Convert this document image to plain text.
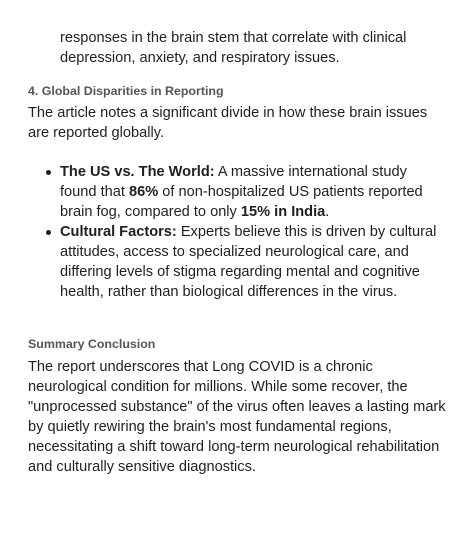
responses in the brain stem that correlate with clinical depression, anxiety, and respiratory issues.

4. Global Disparities in Reporting

The article notes a significant divide in how these brain issues are reported globally.

The US vs. The World: A massive international study found that 86% of non-hospitalized US patients reported brain fog, compared to only 15% in India.
Cultural Factors: Experts believe this is driven by cultural attitudes, access to specialized neurological care, and differing levels of stigma regarding mental and cognitive health, rather than biological differences in the virus.
Summary Conclusion

The report underscores that Long COVID is a chronic neurological condition for millions. While some recover, the "unprocessed substance" of the virus often leaves a lasting mark by quietly rewiring the brain's most fundamental regions, necessitating a shift toward long-term neurological rehabilitation and culturally sensitive diagnostics.
